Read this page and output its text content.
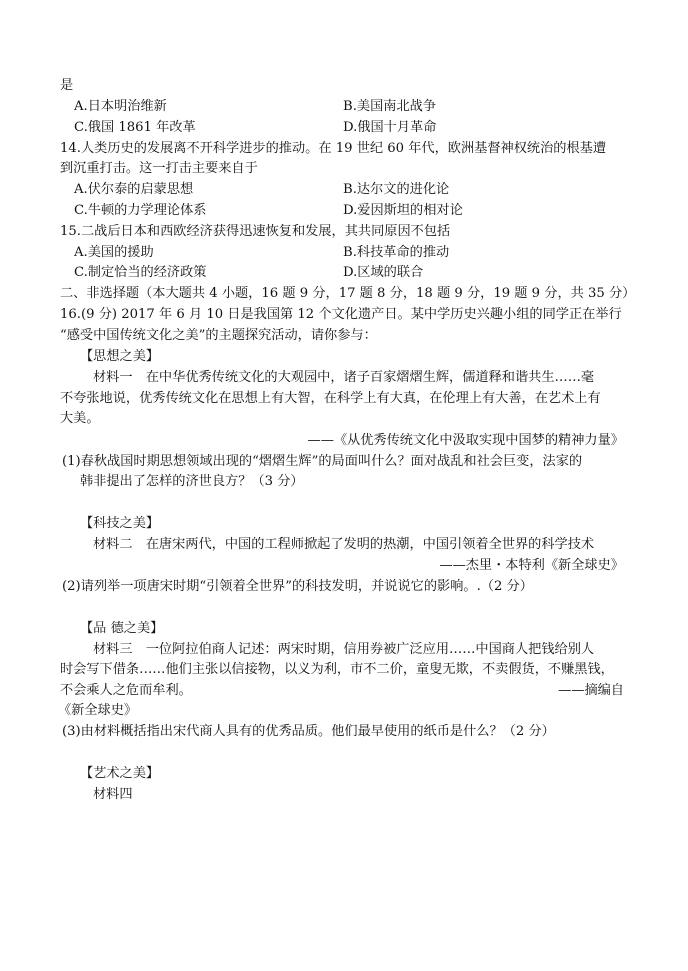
是
A.日本明治维新	B.美国南北战争
C.俄国 1861 年改革	D.俄国十月革命
14.人类历史的发展离不开科学进步的推动。在 19 世纪 60 年代，欧洲基督神权统治的根基遭
到沉重打击。这一打击主要来自于
A.伏尔泰的启蒙思想	B.达尔文的进化论
C.牛顿的力学理论体系	D.爱因斯坦的相对论
15.二战后日本和西欧经济获得迅速恢复和发展，其共同原因不包括
A.美国的援助	B.科技革命的推动
C.制定恰当的经济政策	D.区域的联合
二、非选择题（本大题共 4 小题，16 题 9 分，17 题 8 分，18 题 9 分，19 题 9 分，共 35 分）
16.(9 分) 2017 年 6 月 10 日是我国第 12 个文化遗产日。某中学历史兴趣小组的同学正在举行
“感受中国传统文化之美”的主题探究活动，请你参与：
【思想之美】
材料一　在中华优秀传统文化的大观园中，诸子百家熠熠生辉，儒道释和谐共生……毫
不夸张地说，优秀传统文化在思想上有大智，在科学上有大真，在伦理上有大善，在艺术上有
大美。
——《从优秀传统文化中汲取实现中国梦的精神力量》
(1)春秋战国时期思想领域出现的“熠熠生辉”的局面叫什么？面对战乱和社会巨变，法家的
韩非提出了怎样的济世良方？（3 分）
【科技之美】
材料二　在唐宋两代，中国的工程师掀起了发明的热潮，中国引领着全世界的科学技术
——杰里・本特利《新全球史》
(2)请列举一项唐宋时期“引领着全世界”的科技发明，并说说它的影响。.（2 分）
【品 德之美】
材料三　一位阿拉伯商人记述：两宋时期，信用券被广泛应用……中国商人把钱给别人
时会写下借条……他们主张以信接物，以义为利，市不二价，童叟无欺，不卖假货，不赚黑钱，
不会乘人之危而牟利。	——摘编自
《新全球史》
(3)由材料概括指出宋代商人具有的优秀品质。他们最早使用的纸币是什么？（2 分）
【艺术之美】
材料四
